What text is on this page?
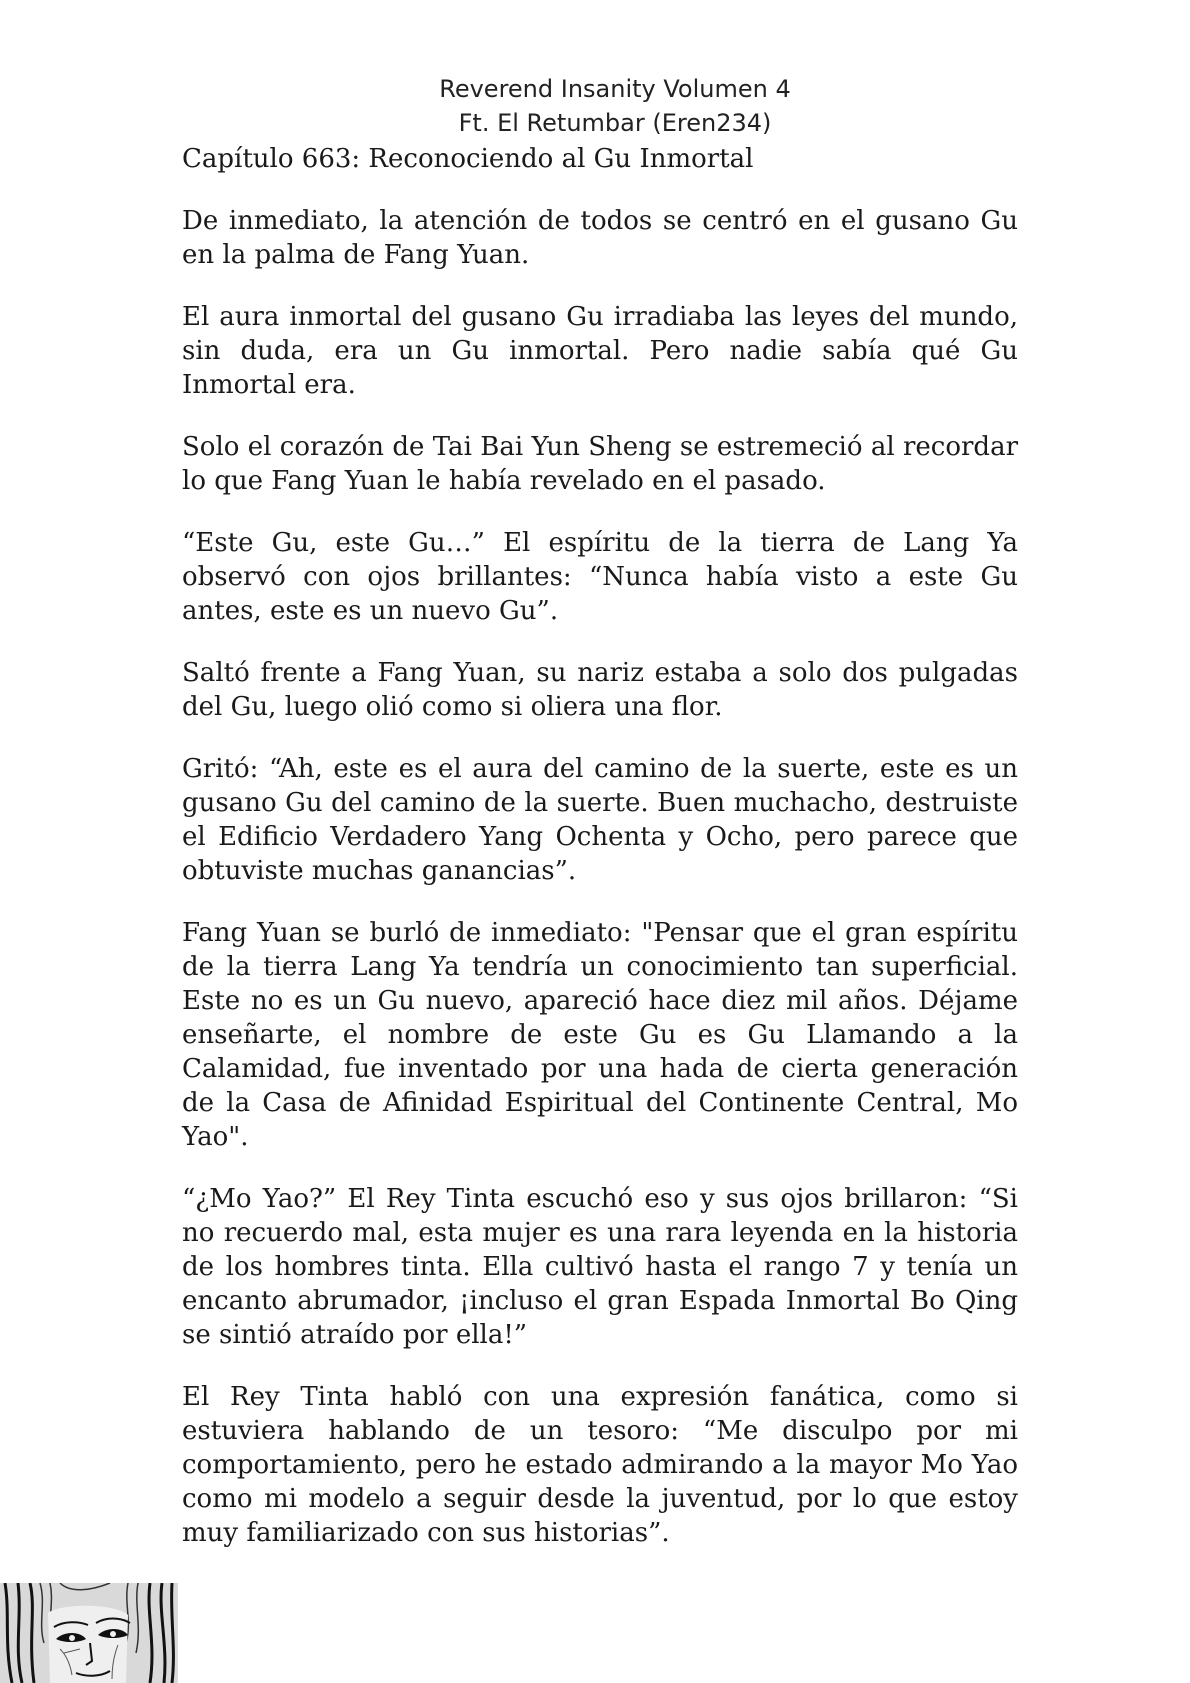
Reverend Insanity Volumen 4
Ft. El Retumbar (Eren234)

Capítulo 663: Reconociendo al Gu Inmortal

De inmediato, la atención de todos se centró en el gusano Gu en la palma de Fang Yuan.

El aura inmortal del gusano Gu irradiaba las leyes del mundo, sin duda, era un Gu inmortal. Pero nadie sabía qué Gu Inmortal era.

Solo el corazón de Tai Bai Yun Sheng se estremeció al recordar lo que Fang Yuan le había revelado en el pasado.

“Este Gu, este Gu…” El espíritu de la tierra de Lang Ya observó con ojos brillantes: “Nunca había visto a este Gu antes, este es un nuevo Gu”.

Saltó frente a Fang Yuan, su nariz estaba a solo dos pulgadas del Gu, luego olió como si oliera una flor.

Gritó: “Ah, este es el aura del camino de la suerte, este es un gusano Gu del camino de la suerte. Buen muchacho, destruiste el Edificio Verdadero Yang Ochenta y Ocho, pero parece que obtuviste muchas ganancias”.

Fang Yuan se burló de inmediato: "Pensar que el gran espíritu de la tierra Lang Ya tendría un conocimiento tan superficial. Este no es un Gu nuevo, apareció hace diez mil años. Déjame enseñarte, el nombre de este Gu es Gu Llamando a la Calamidad, fue inventado por una hada de cierta generación de la Casa de Afinidad Espiritual del Continente Central, Mo Yao".

“¿Mo Yao?” El Rey Tinta escuchó eso y sus ojos brillaron: “Si no recuerdo mal, esta mujer es una rara leyenda en la historia de los hombres tinta. Ella cultivó hasta el rango 7 y tenía un encanto abrumador, ¡incluso el gran Espada Inmortal Bo Qing se sintió atraído por ella!”

El Rey Tinta habló con una expresión fanática, como si estuviera hablando de un tesoro: “Me disculpo por mi comportamiento, pero he estado admirando a la mayor Mo Yao como mi modelo a seguir desde la juventud, por lo que estoy muy familiarizado con sus historias”.
